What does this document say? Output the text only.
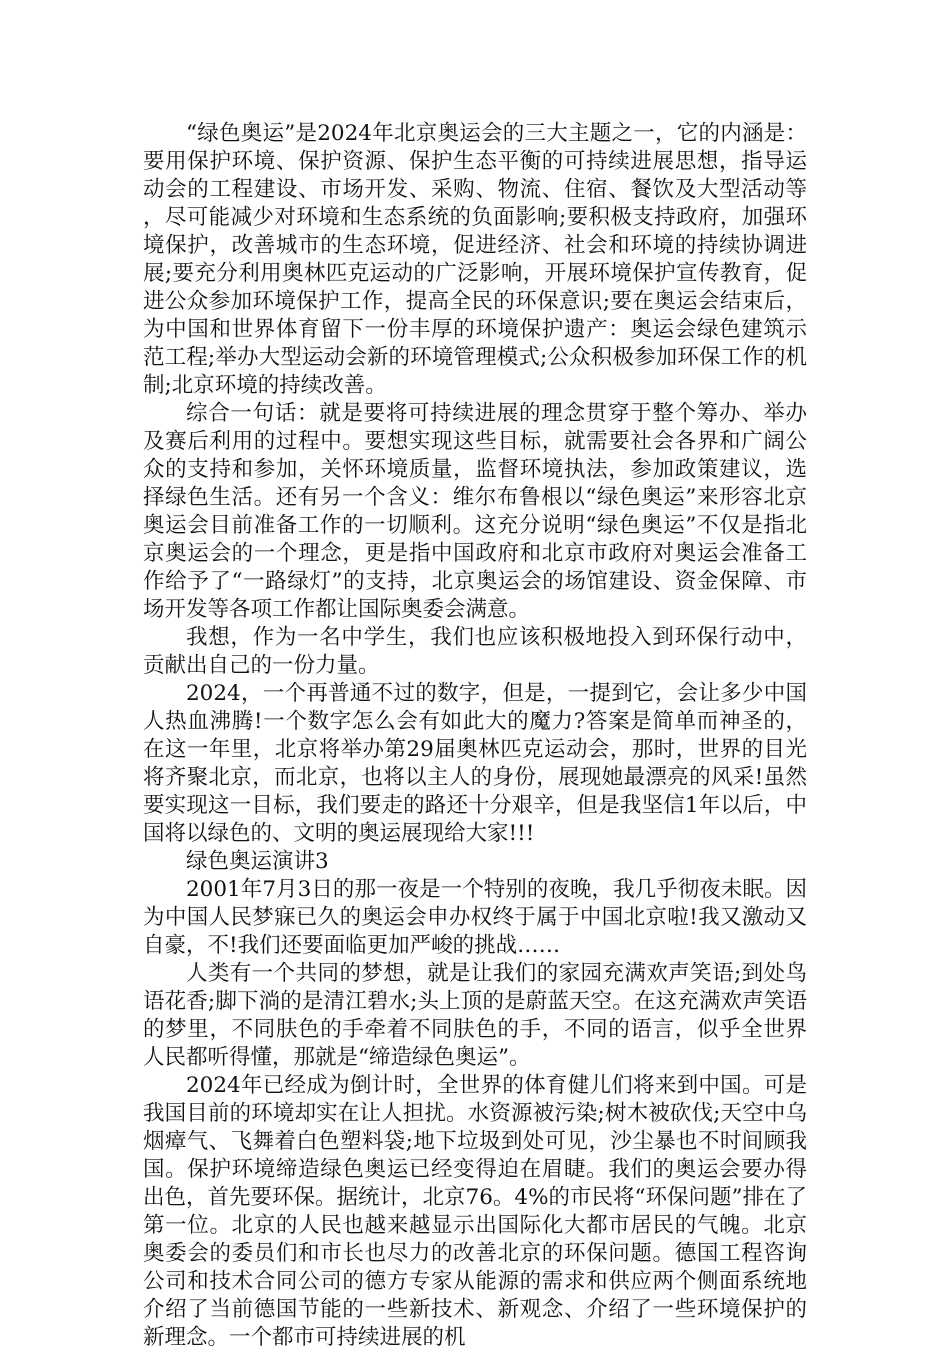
“绿色奥运”是2024年北京奥运会的三大主题之一，它的内涵是：要用保护环境、保护资源、保护生态平衡的可持续进展思想，指导运动会的工程建设、市场开发、采购、物流、住宿、餐饮及大型活动等，尽可能减少对环境和生态系统的负面影响;要积极支持政府，加强环境保护，改善城市的生态环境，促进经济、社会和环境的持续协调进展;要充分利用奥林匹克运动的广泛影响，开展环境保护宣传教育，促进公众参加环境保护工作，提高全民的环保意识;要在奥运会结束后，为中国和世界体育留下一份丰厚的环境保护遗产：奥运会绿色建筑示范工程;举办大型运动会新的环境管理模式;公众积极参加环保工作的机制;北京环境的持续改善。

综合一句话：就是要将可持续进展的理念贯穿于整个筹办、举办及赛后利用的过程中。要想实现这些目标，就需要社会各界和广阔公众的支持和参加，关怀环境质量，监督环境执法，参加政策建议，选择绿色生活。还有另一个含义：维尔布鲁根以“绿色奥运”来形容北京奥运会目前准备工作的一切顺利。这充分说明“绿色奥运”不仅是指北京奥运会的一个理念，更是指中国政府和北京市政府对奥运会准备工作给予了“一路绿灯”的支持，北京奥运会的场馆建设、资金保障、市场开发等各项工作都让国际奥委会满意。

我想，作为一名中学生，我们也应该积极地投入到环保行动中，贡献出自己的一份力量。

2024，一个再普通不过的数字，但是，一提到它，会让多少中国人热血沸腾!一个数字怎么会有如此大的魔力?答案是简单而神圣的，在这一年里，北京将举办第29届奥林匹克运动会，那时，世界的目光将齐聚北京，而北京，也将以主人的身份，展现她最漂亮的风采!虽然要实现这一目标，我们要走的路还十分艰辛，但是我坚信1年以后，中国将以绿色的、文明的奥运展现给大家!!!

绿色奥运演讲3

2001年7月3日的那一夜是一个特别的夜晚，我几乎彻夜未眠。因为中国人民梦寐已久的奥运会申办权终于属于中国北京啦!我又激动又自豪，不!我们还要面临更加严峻的挑战……

人类有一个共同的梦想，就是让我们的家园充满欢声笑语;到处鸟语花香;脚下淌的是清江碧水;头上顶的是蔚蓝天空。在这充满欢声笑语的梦里，不同肤色的手牵着不同肤色的手，不同的语言，似乎全世界人民都听得懂，那就是“缔造绿色奥运”。

2024年已经成为倒计时，全世界的体育健儿们将来到中国。可是我国目前的环境却实在让人担扰。水资源被污染;树木被砍伐;天空中乌烟瘴气、飞舞着白色塑料袋;地下垃圾到处可见，沙尘暴也不时间顾我国。保护环境缔造绿色奥运已经变得迫在眉睫。我们的奥运会要办得出色，首先要环保。据统计，北京76。4%的市民将“环保问题”排在了第一位。北京的人民也越来越显示出国际化大都市居民的气魄。北京奥委会的委员们和市长也尽力的改善北京的环保问题。德国工程咨询公司和技术合同公司的德方专家从能源的需求和供应两个侧面系统地介绍了当前德国节能的一些新技术、新观念、介绍了一些环境保护的新理念。一个都市可持续进展的机
